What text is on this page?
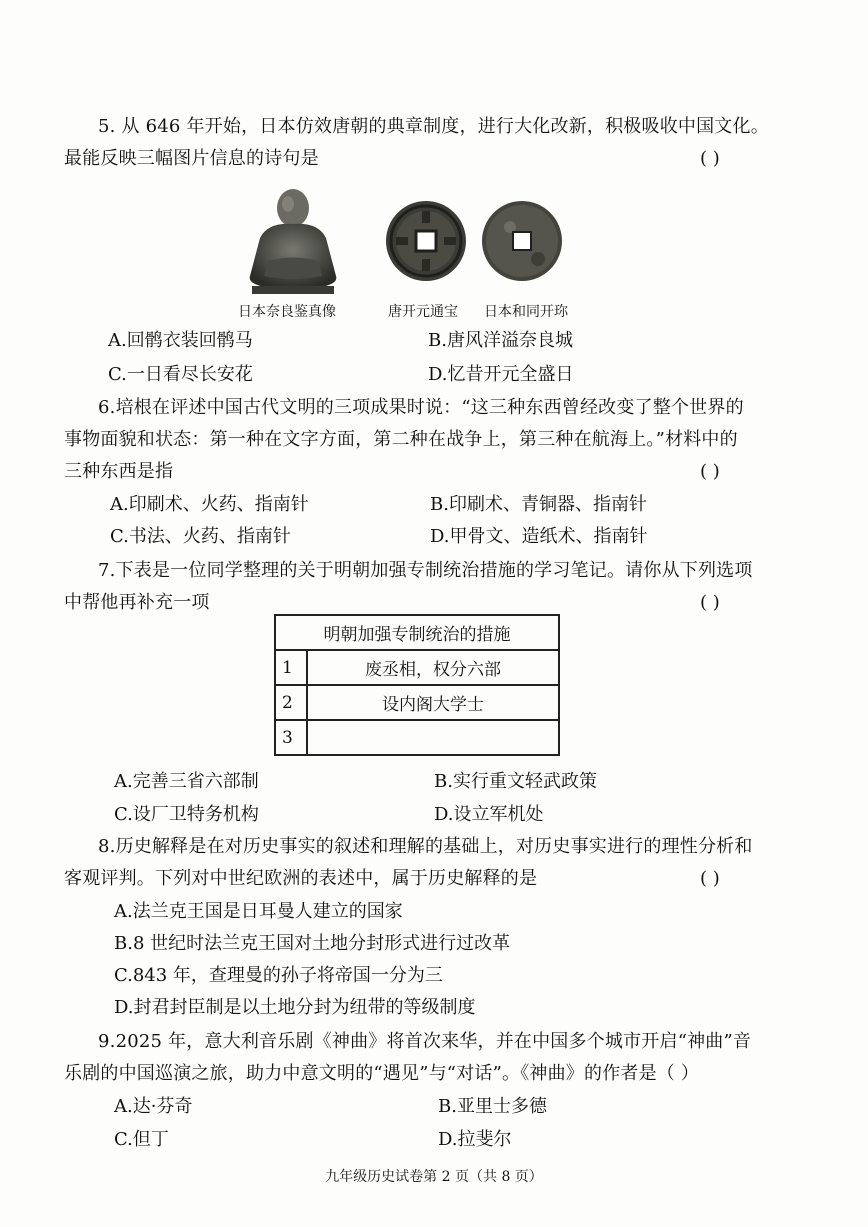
5. 从 646 年开始，日本仿效唐朝的典章制度，进行大化改新，积极吸收中国文化。
最能反映三幅图片信息的诗句是	( )
日本奈良鉴真像	唐开元通宝 日本和同开珎
A.回鹘衣装回鹘马	B.唐风洋溢奈良城
C.一日看尽长安花	D.忆昔开元全盛日
6.培根在评述中国古代文明的三项成果时说：“这三种东西曾经改变了整个世界的
事物面貌和状态：第一种在文字方面，第二种在战争上，第三种在航海上。”材料中的
三种东西是指	( )
A.印刷术、火药、指南针	B.印刷术、青铜器、指南针
C.书法、火药、指南针	D.甲骨文、造纸术、指南针
7.下表是一位同学整理的关于明朝加强专制统治措施的学习笔记。请你从下列选项
中帮他再补充一项	( )
明朝加强专制统治的措施	
1	废丞相，权分六部
2	设内阁大学士
3	
A.完善三省六部制	B.实行重文轻武政策
C.设厂卫特务机构	D.设立军机处
8.历史解释是在对历史事实的叙述和理解的基础上，对历史事实进行的理性分析和
客观评判。下列对中世纪欧洲的表述中，属于历史解释的是	( )
A.法兰克王国是日耳曼人建立的国家
B.8 世纪时法兰克王国对土地分封形式进行过改革
C.843 年，查理曼的孙子将帝国一分为三
D.封君封臣制是以土地分封为纽带的等级制度
9.2025 年，意大利音乐剧《神曲》将首次来华，并在中国多个城市开启“神曲”音
乐剧的中国巡演之旅，助力中意文明的“遇见”与“对话”。《神曲》的作者是（ ）
A.达·芬奇	B.亚里士多德
C.但丁	D.拉斐尔
九年级历史试卷第 2 页（共 8 页）
